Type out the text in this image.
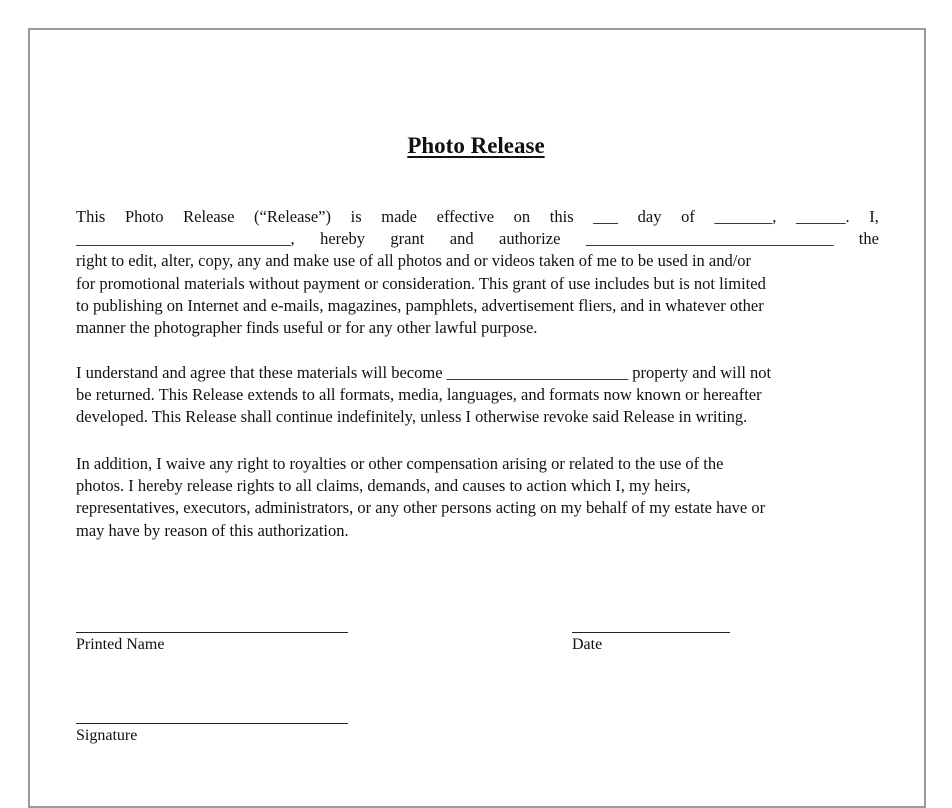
Photo Release
This Photo Release (“Release”) is made effective on this ___ day of _______, ______. I,
__________________________, hereby grant and authorize ______________________________ the
right to edit, alter, copy, any and make use of all photos and or videos taken of me to be used in and/or
for promotional materials without payment or consideration. This grant of use includes but is not limited
to publishing on Internet and e-mails, magazines, pamphlets, advertisement fliers, and in whatever other
manner the photographer finds useful or for any other lawful purpose.
I understand and agree that these materials will become ______________________ property and will not
be returned. This Release extends to all formats, media, languages, and formats now known or hereafter
developed. This Release shall continue indefinitely, unless I otherwise revoke said Release in writing.
In addition, I waive any right to royalties or other compensation arising or related to the use of the
photos. I hereby release rights to all claims, demands, and causes to action which I, my heirs,
representatives, executors, administrators, or any other persons acting on my behalf of my estate have or
may have by reason of this authorization.

Printed Name	Date

Signature
